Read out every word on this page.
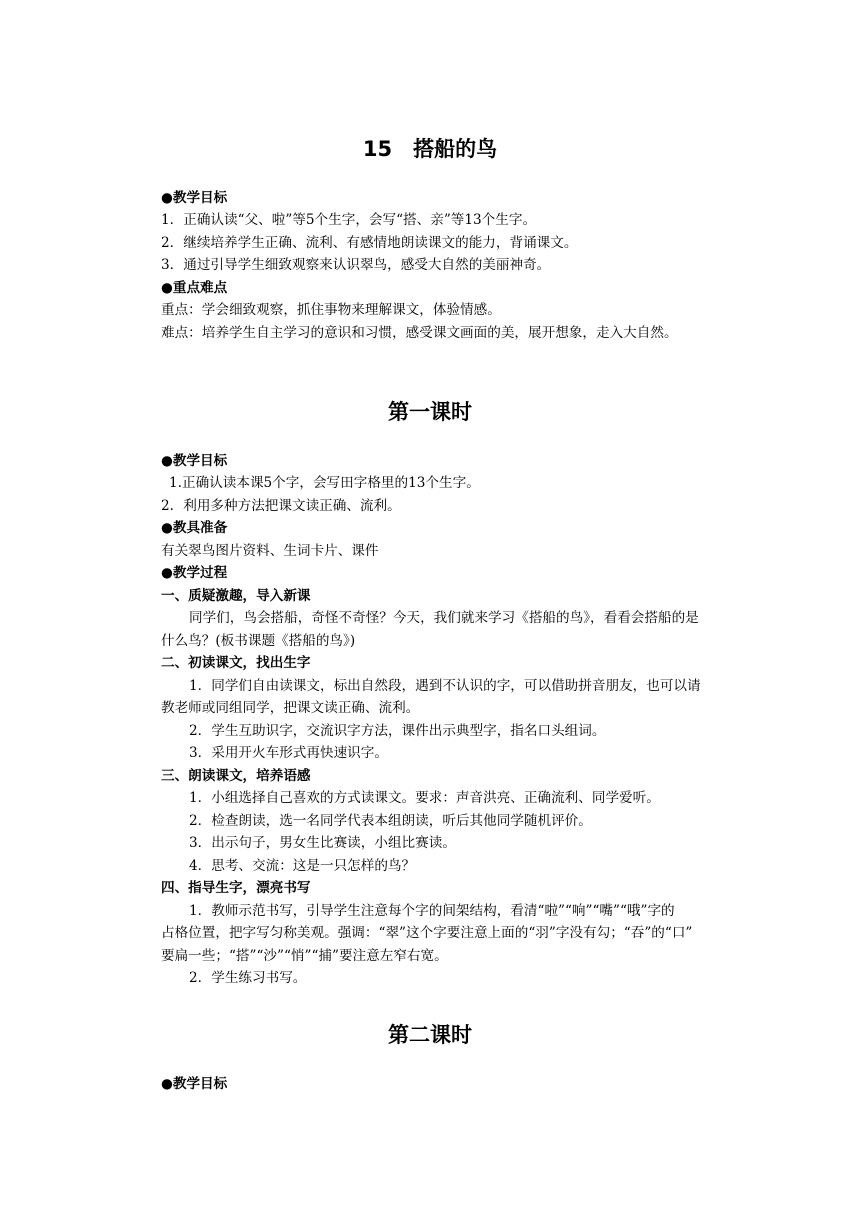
15　搭船的鸟
●教学目标
1．正确认读“父、啦”等5个生字，会写“搭、亲”等13个生字。
2．继续培养学生正确、流利、有感情地朗读课文的能力，背诵课文。
3．通过引导学生细致观察来认识翠鸟，感受大自然的美丽神奇。
●重点难点
重点：学会细致观察，抓住事物来理解课文，体验情感。
难点：培养学生自主学习的意识和习惯，感受课文画面的美，展开想象，走入大自然。
第一课时
●教学目标
1.正确认读本课5个字，会写田字格里的13个生字。
2．利用多种方法把课文读正确、流利。
●教具准备
有关翠鸟图片资料、生词卡片、课件
●教学过程
一、质疑激趣，导入新课
同学们，鸟会搭船，奇怪不奇怪？今天，我们就来学习《搭船的鸟》，看看会搭船的是
什么鸟？(板书课题《搭船的鸟》)
二、初读课文，找出生字
1．同学们自由读课文，标出自然段，遇到不认识的字，可以借助拼音朋友，也可以请
教老师或同组同学，把课文读正确、流利。
2．学生互助识字，交流识字方法，课件出示典型字，指名口头组词。
3．采用开火车形式再快速识字。
三、朗读课文，培养语感
1．小组选择自己喜欢的方式读课文。要求：声音洪亮、正确流利、同学爱听。
2．检查朗读，选一名同学代表本组朗读，听后其他同学随机评价。
3．出示句子，男女生比赛读，小组比赛读。
4．思考、交流：这是一只怎样的鸟？
四、指导生字，漂亮书写
1．教师示范书写，引导学生注意每个字的间架结构，看清“啦”“响”“嘴”“哦”字的
占格位置，把字写匀称美观。强调：“翠”这个字要注意上面的“羽”字没有勾；“吞”的“口”
要扁一些；“搭”“沙”“悄”“捕”要注意左窄右宽。
2．学生练习书写。
第二课时
●教学目标
